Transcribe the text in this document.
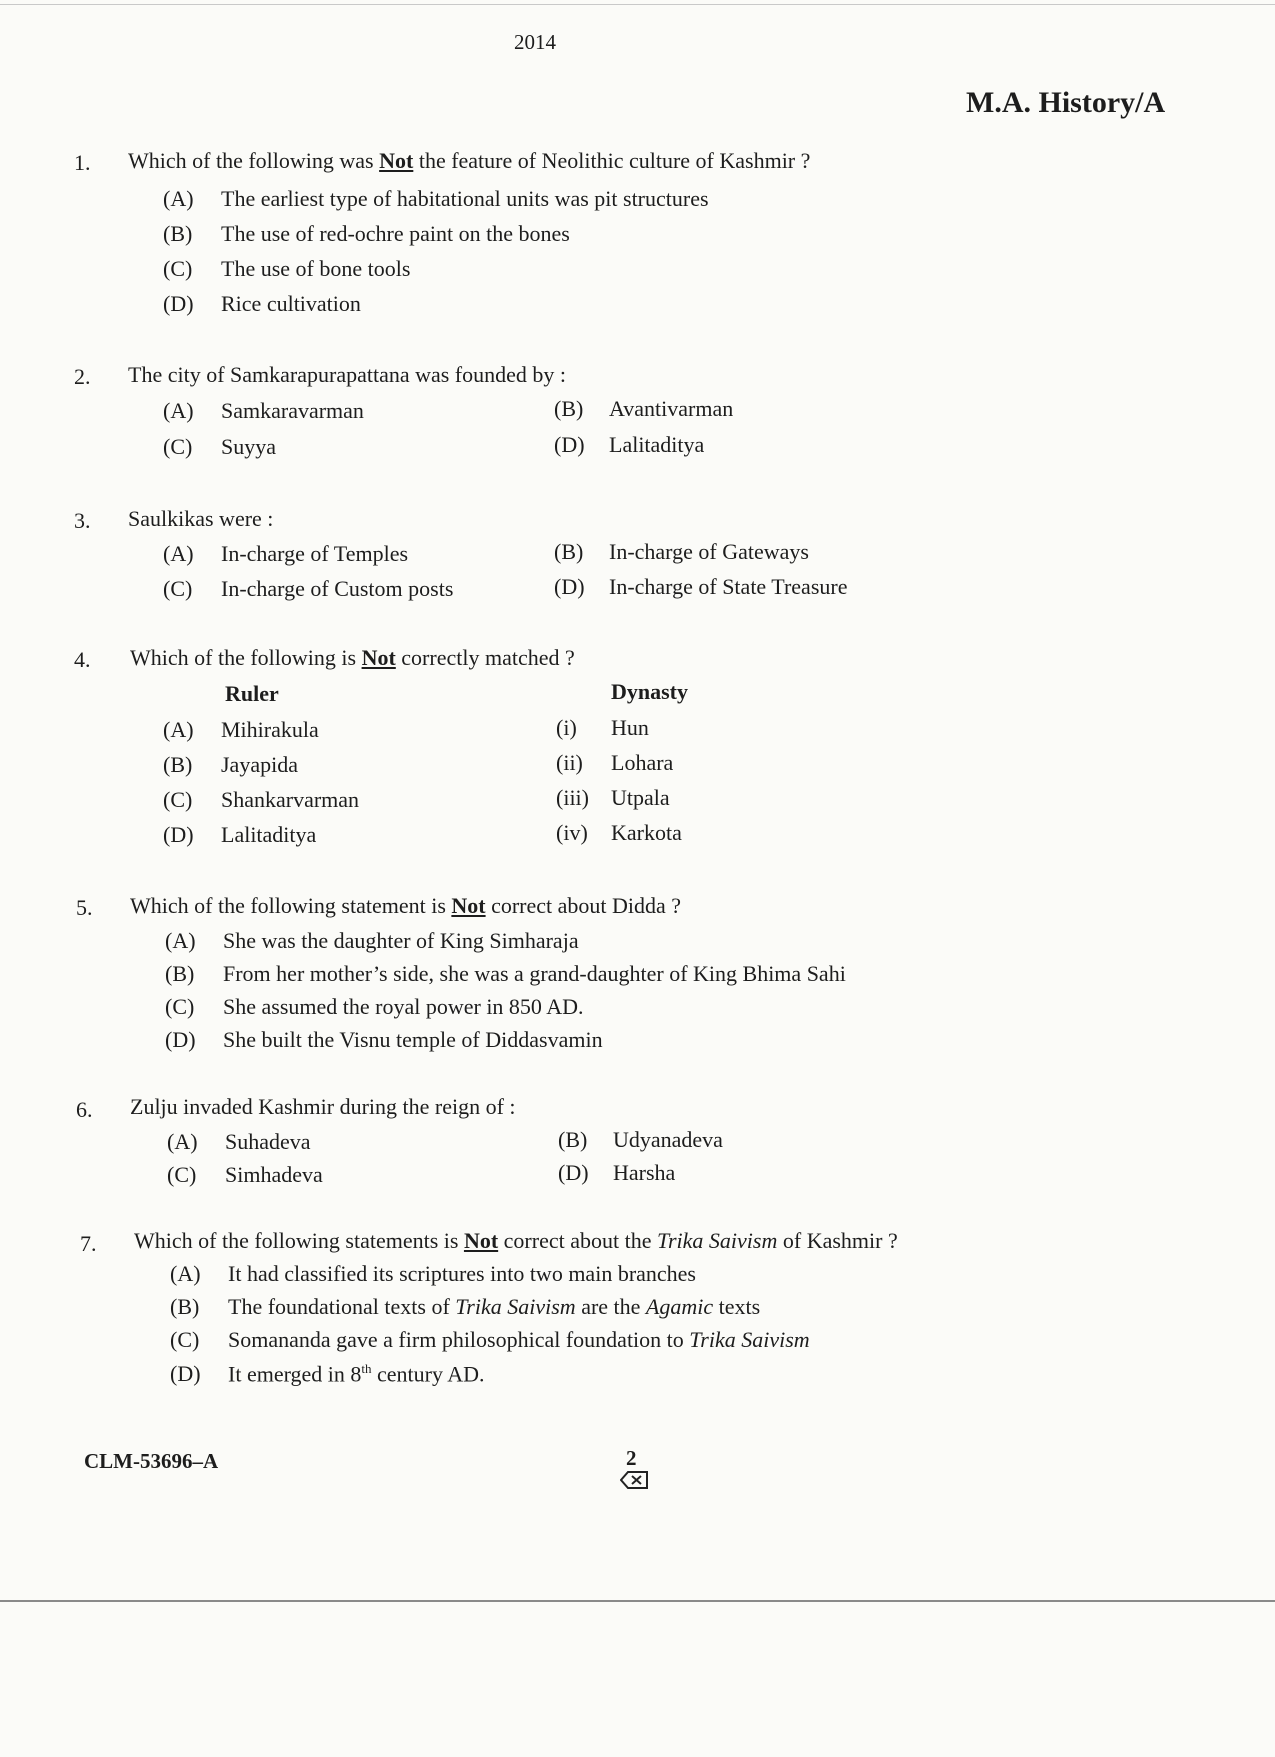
2014
M.A. History/A
1. Which of the following was Not the feature of Neolithic culture of Kashmir ?
(A) The earliest type of habitational units was pit structures
(B) The use of red-ochre paint on the bones
(C) The use of bone tools
(D) Rice cultivation
2. The city of Samkarapurapattana was founded by :
(A) Samkaravarman	(B) Avantivarman
(C) Suyya	(D) Lalitaditya
3. Saulkikas were :
(A) In-charge of Temples	(B) In-charge of Gateways
(C) In-charge of Custom posts	(D) In-charge of State Treasure
4. Which of the following is Not correctly matched ?
Ruler	Dynasty
(A) Mihirakula	(i) Hun
(B) Jayapida	(ii) Lohara
(C) Shankarvarman	(iii) Utpala
(D) Lalitaditya	(iv) Karkota
5. Which of the following statement is Not correct about Didda ?
(A) She was the daughter of King Simharaja
(B) From her mother’s side, she was a grand-daughter of King Bhima Sahi
(C) She assumed the royal power in 850 AD.
(D) She built the Visnu temple of Diddasvamin
6. Zulju invaded Kashmir during the reign of :
(A) Suhadeva	(B) Udyanadeva
(C) Simhadeva	(D) Harsha
7. Which of the following statements is Not correct about the Trika Saivism of Kashmir ?
(A) It had classified its scriptures into two main branches
(B) The foundational texts of Trika Saivism are the Agamic texts
(C) Somananda gave a firm philosophical foundation to Trika Saivism
(D) It emerged in 8th century AD.
CLM-53696–A	2
